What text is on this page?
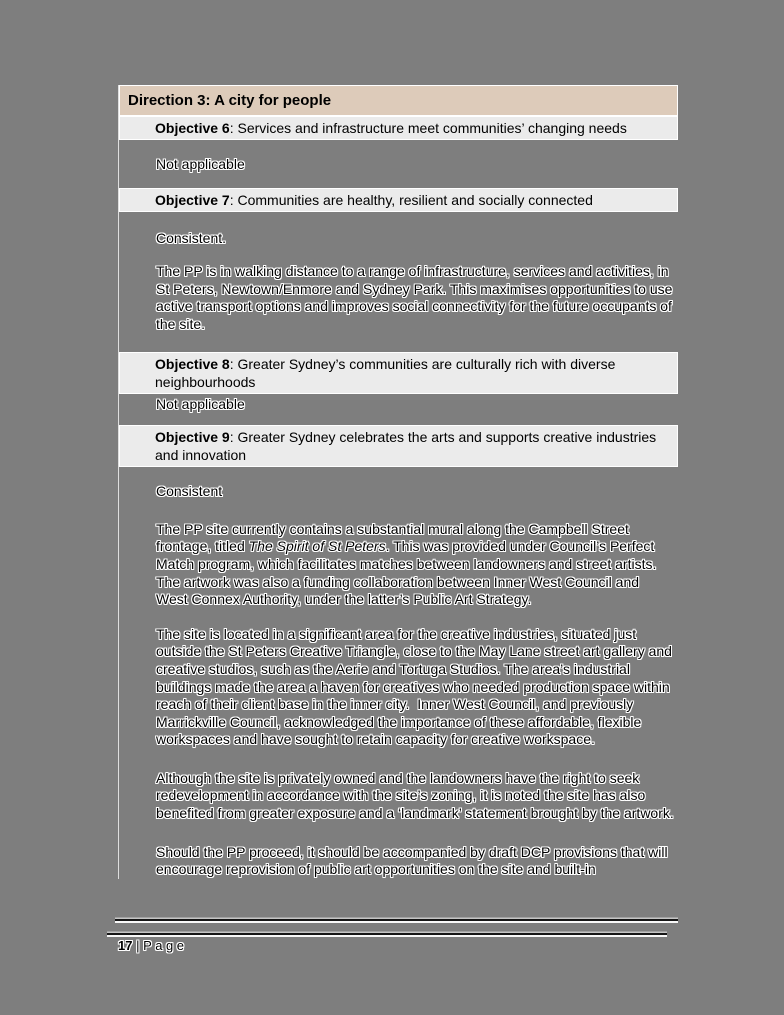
Direction 3: A city for people
Objective 6: Services and infrastructure meet communities’ changing needs

Not applicable

Objective 7: Communities are healthy, resilient and socially connected

Consistent.

The PP is in walking distance to a range of infrastructure, services and activities, in St Peters, Newtown/Enmore and Sydney Park. This maximises opportunities to use active transport options and improves social connectivity for the future occupants of the site.

Objective 8: Greater Sydney’s communities are culturally rich with diverse neighbourhoods

Not applicable

Objective 9: Greater Sydney celebrates the arts and supports creative industries and innovation

Consistent

The PP site currently contains a substantial mural along the Campbell Street frontage, titled The Spirit of St Peters. This was provided under Council’s Perfect Match program, which facilitates matches between landowners and street artists. The artwork was also a funding collaboration between Inner West Council and West Connex Authority, under the latter’s Public Art Strategy.

The site is located in a significant area for the creative industries, situated just outside the St Peters Creative Triangle, close to the May Lane street art gallery and creative studios, such as the Aerie and Tortuga Studios. The area’s industrial buildings made the area a haven for creatives who needed production space within reach of their client base in the inner city.  Inner West Council, and previously Marrickville Council, acknowledged the importance of these affordable, flexible workspaces and have sought to retain capacity for creative workspace.

Although the site is privately owned and the landowners have the right to seek redevelopment in accordance with the site’s zoning, it is noted the site has also benefited from greater exposure and a ‘landmark’ statement brought by the artwork.

Should the PP proceed, it should be accompanied by draft DCP provisions that will encourage reprovision of public art opportunities on the site and built-in

17 | Page
